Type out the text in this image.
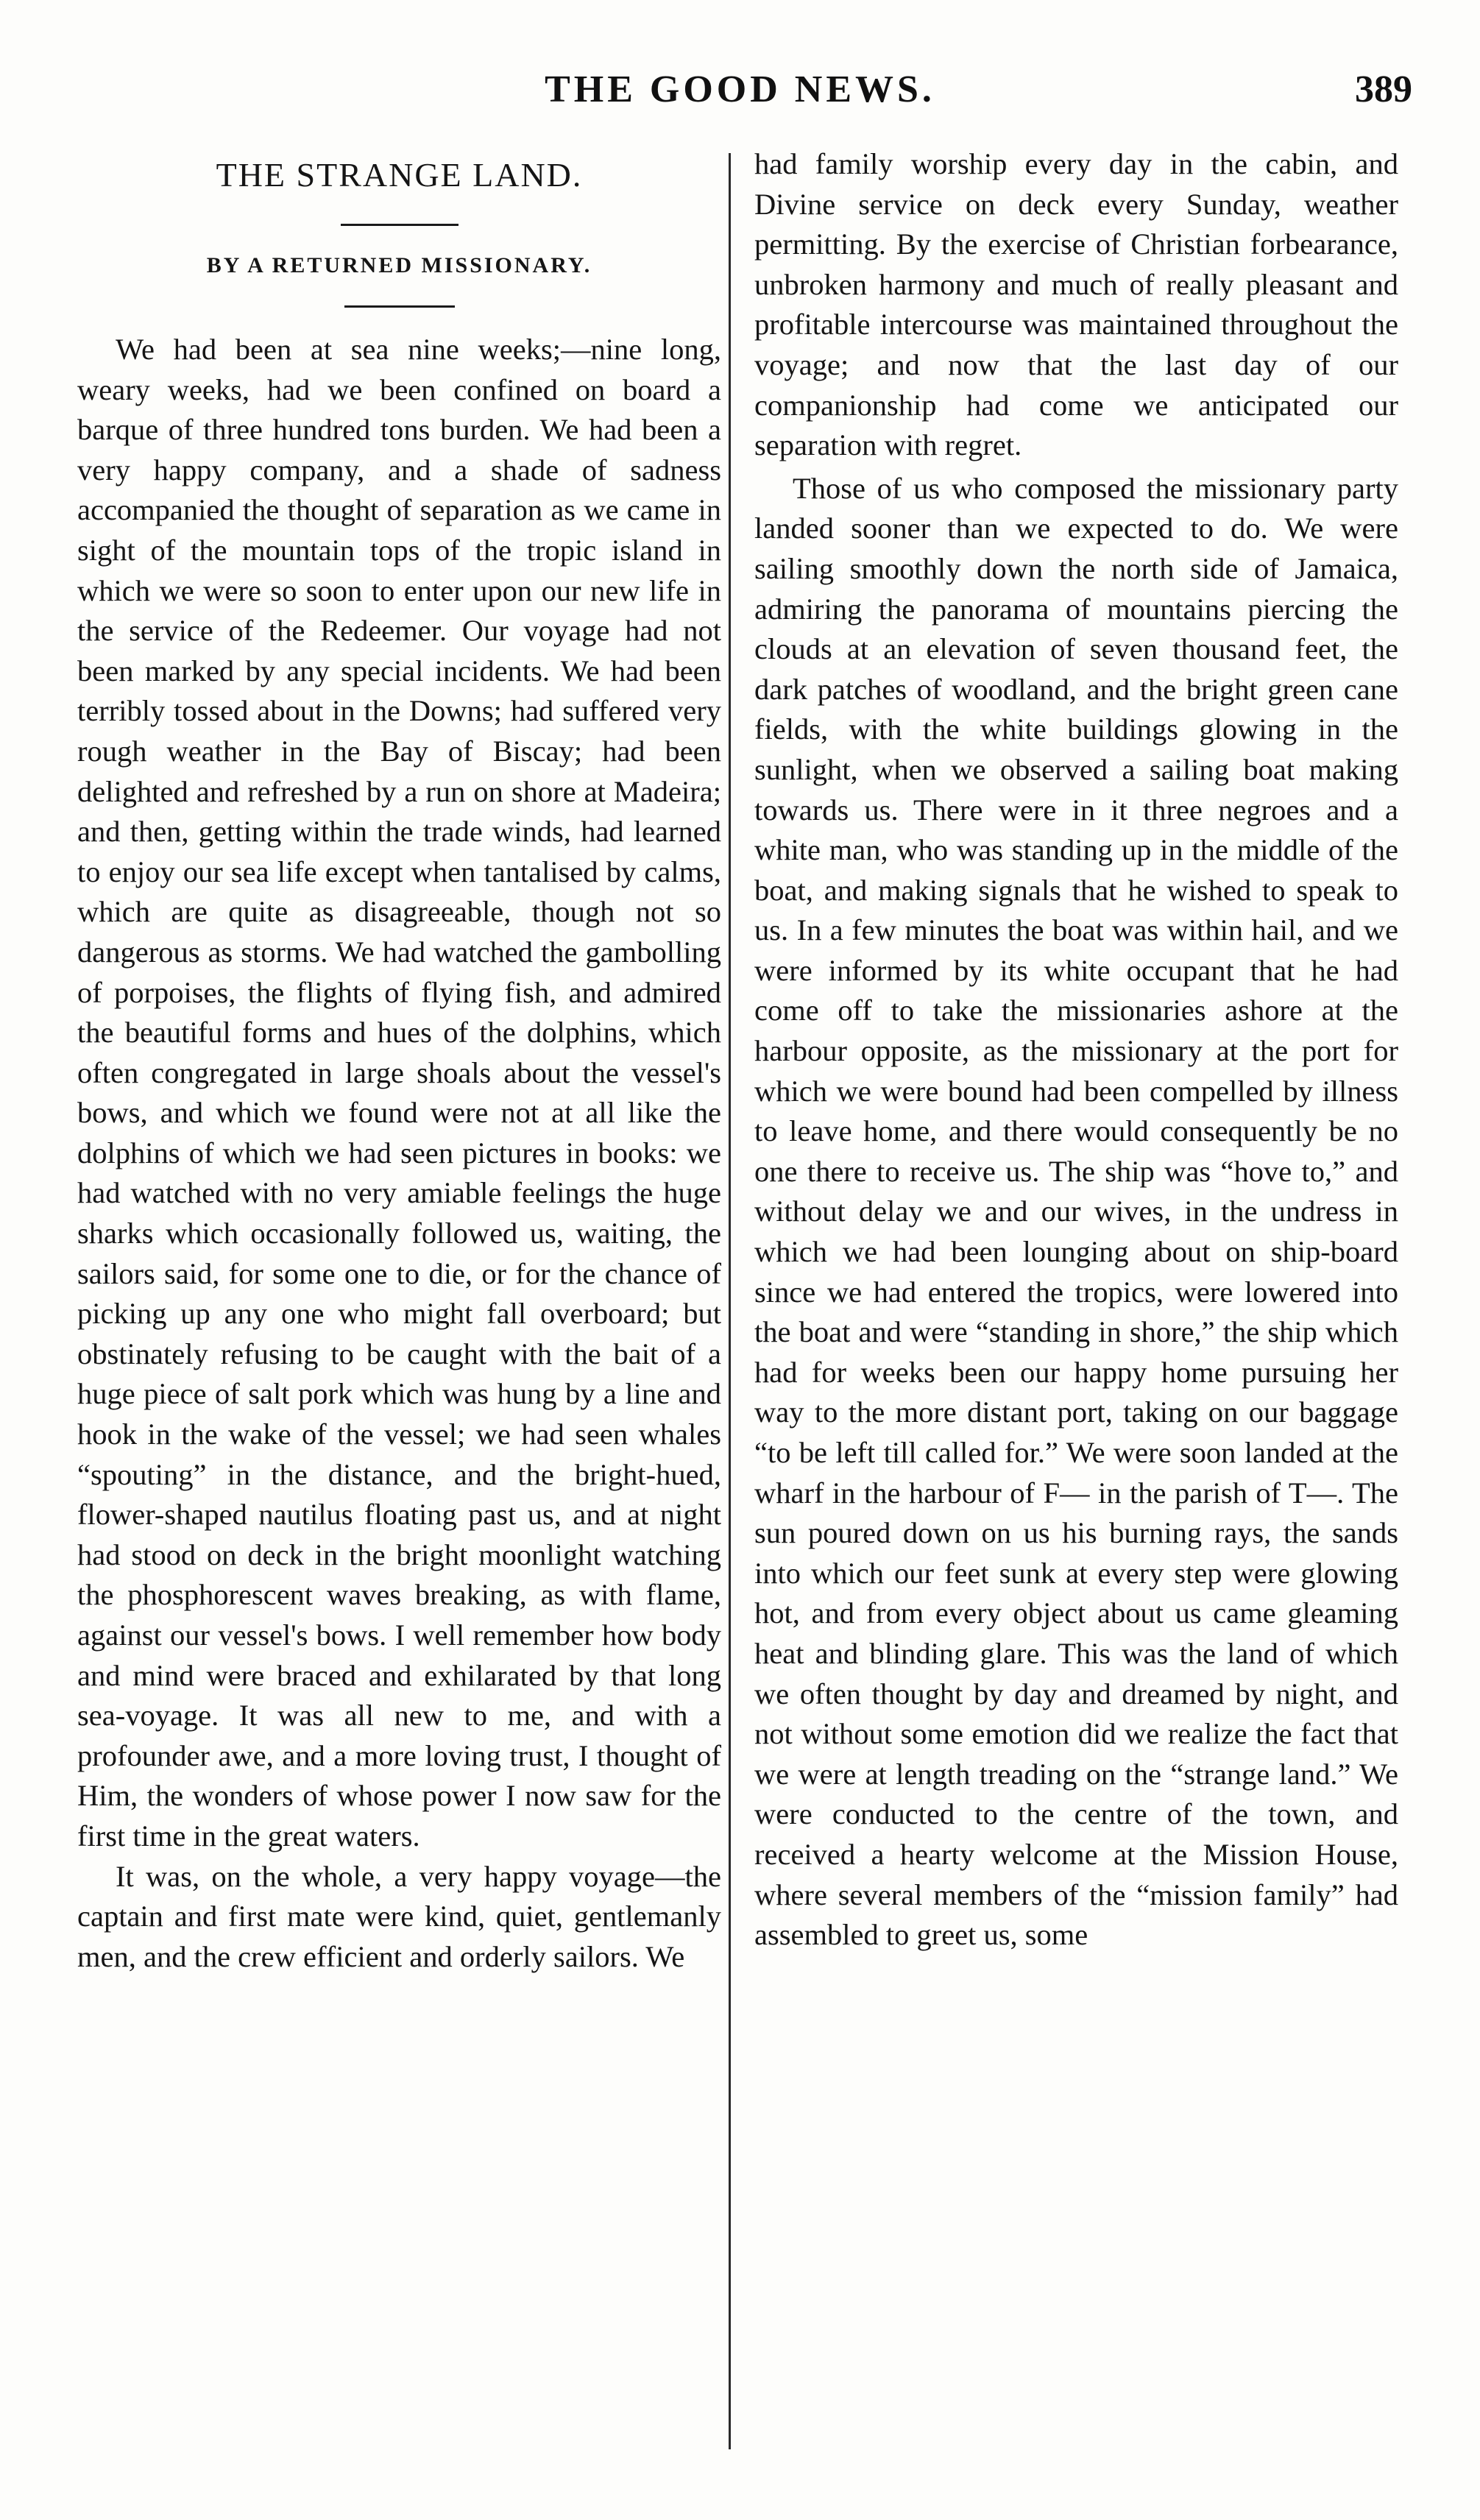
THE GOOD NEWS.	389
THE STRANGE LAND.

BY A RETURNED MISSIONARY.

We had been at sea nine weeks;—nine long, weary weeks, had we been confined on board a barque of three hundred tons burden. We had been a very happy company, and a shade of sadness accompanied the thought of separation as we came in sight of the mountain tops of the tropic island in which we were so soon to enter upon our new life in the service of the Redeemer. Our voyage had not been marked by any special incidents. We had been terribly tossed about in the Downs; had suffered very rough weather in the Bay of Biscay; had been delighted and refreshed by a run on shore at Madeira; and then, getting within the trade winds, had learned to enjoy our sea life except when tantalised by calms, which are quite as disagreeable, though not so dangerous as storms. We had watched the gambolling of porpoises, the flights of flying fish, and admired the beautiful forms and hues of the dolphins, which often congregated in large shoals about the vessel's bows, and which we found were not at all like the dolphins of which we had seen pictures in books: we had watched with no very amiable feelings the huge sharks which occasionally followed us, waiting, the sailors said, for some one to die, or for the chance of picking up any one who might fall overboard; but obstinately refusing to be caught with the bait of a huge piece of salt pork which was hung by a line and hook in the wake of the vessel; we had seen whales “spouting” in the distance, and the bright-hued, flower-shaped nautilus floating past us, and at night had stood on deck in the bright moonlight watching the phosphorescent waves breaking, as with flame, against our vessel's bows. I well remember how body and mind were braced and exhilarated by that long sea-voyage. It was all new to me, and with a profounder awe, and a more loving trust, I thought of Him, the wonders of whose power I now saw for the first time in the great waters.

It was, on the whole, a very happy voyage—the captain and first mate were kind, quiet, gentlemanly men, and the crew efficient and orderly sailors. We

had family worship every day in the cabin, and Divine service on deck every Sunday, weather permitting. By the exercise of Christian forbearance, unbroken harmony and much of really pleasant and profitable intercourse was maintained throughout the voyage; and now that the last day of our companionship had come we anticipated our separation with regret.

Those of us who composed the missionary party landed sooner than we expected to do. We were sailing smoothly down the north side of Jamaica, admiring the panorama of mountains piercing the clouds at an elevation of seven thousand feet, the dark patches of woodland, and the bright green cane fields, with the white buildings glowing in the sunlight, when we observed a sailing boat making towards us. There were in it three negroes and a white man, who was standing up in the middle of the boat, and making signals that he wished to speak to us. In a few minutes the boat was within hail, and we were informed by its white occupant that he had come off to take the missionaries ashore at the harbour opposite, as the missionary at the port for which we were bound had been compelled by illness to leave home, and there would consequently be no one there to receive us. The ship was “hove to,” and without delay we and our wives, in the undress in which we had been lounging about on ship-board since we had entered the tropics, were lowered into the boat and were “standing in shore,” the ship which had for weeks been our happy home pursuing her way to the more distant port, taking on our baggage “to be left till called for.” We were soon landed at the wharf in the harbour of F— in the parish of T—. The sun poured down on us his burning rays, the sands into which our feet sunk at every step were glowing hot, and from every object about us came gleaming heat and blinding glare. This was the land of which we often thought by day and dreamed by night, and not without some emotion did we realize the fact that we were at length treading on the “strange land.” We were conducted to the centre of the town, and received a hearty welcome at the Mission House, where several members of the “mission family” had assembled to greet us, some
